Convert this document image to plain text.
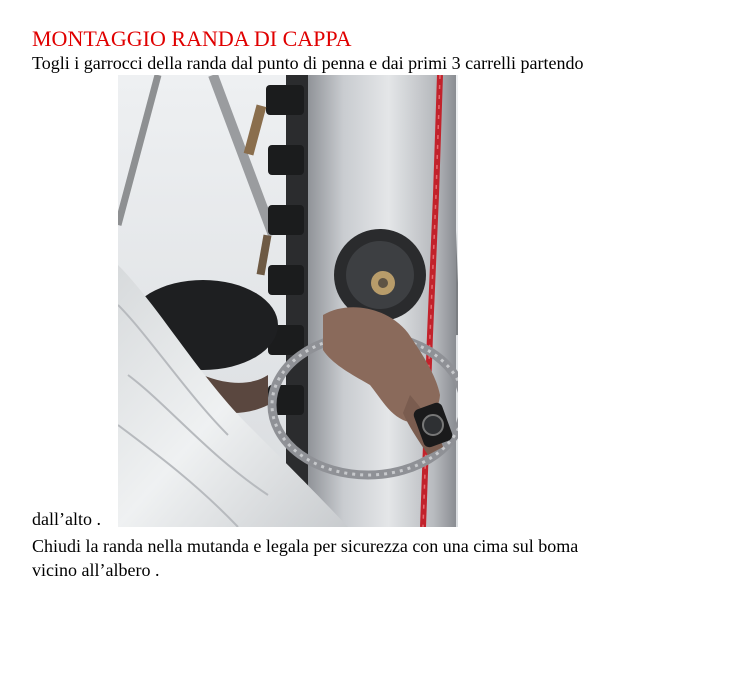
MONTAGGIO RANDA DI CAPPA

Togli i garrocci della randa dal punto di penna e dai primi 3 carrelli partendo

dall’alto .

Chiudi la randa nella mutanda e legala per sicurezza con una cima sul boma

vicino all’albero .
